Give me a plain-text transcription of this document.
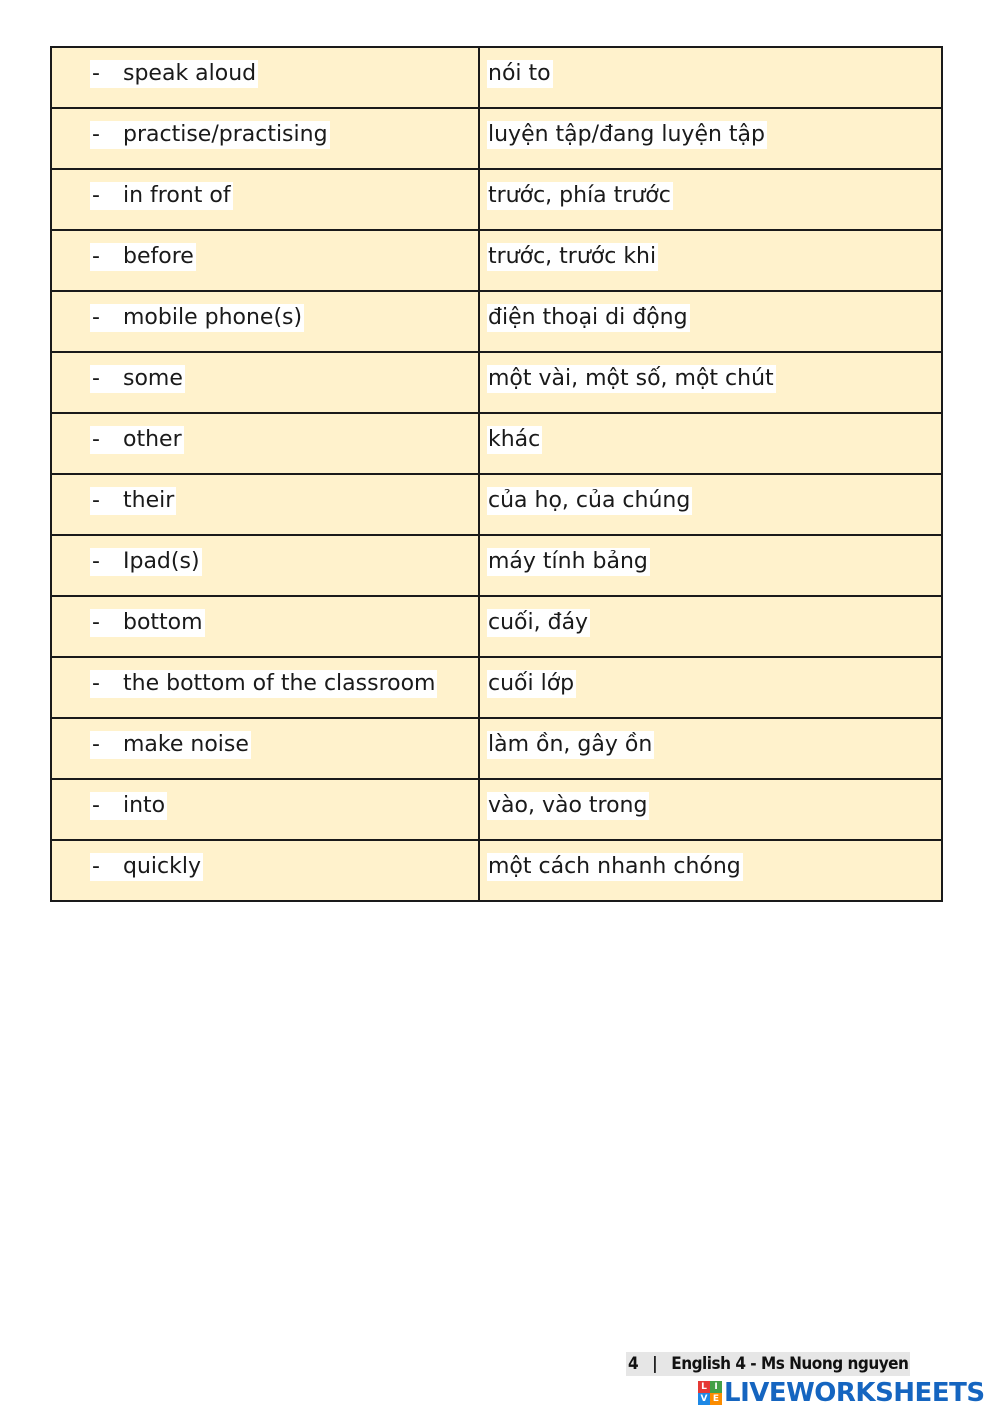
- speak aloud	nói to

- practise/practising	luyện tập/đang luyện tập

- in front of	trước, phía trước

- before	trước, trước khi

- mobile phone(s)	điện thoại di động

- some	một vài, một số, một chút

- other	khác

- their	của họ, của chúng

- Ipad(s)	máy tính bảng

- bottom	cuối, đáy

- the bottom of the classroom	cuối lớp

- make noise	làm ồn, gây ồn

- into	vào, vào trong

- quickly	một cách nhanh chóng
4 | English 4 - Ms Nuong nguyen
L I
V E LIVEWORKSHEETS
